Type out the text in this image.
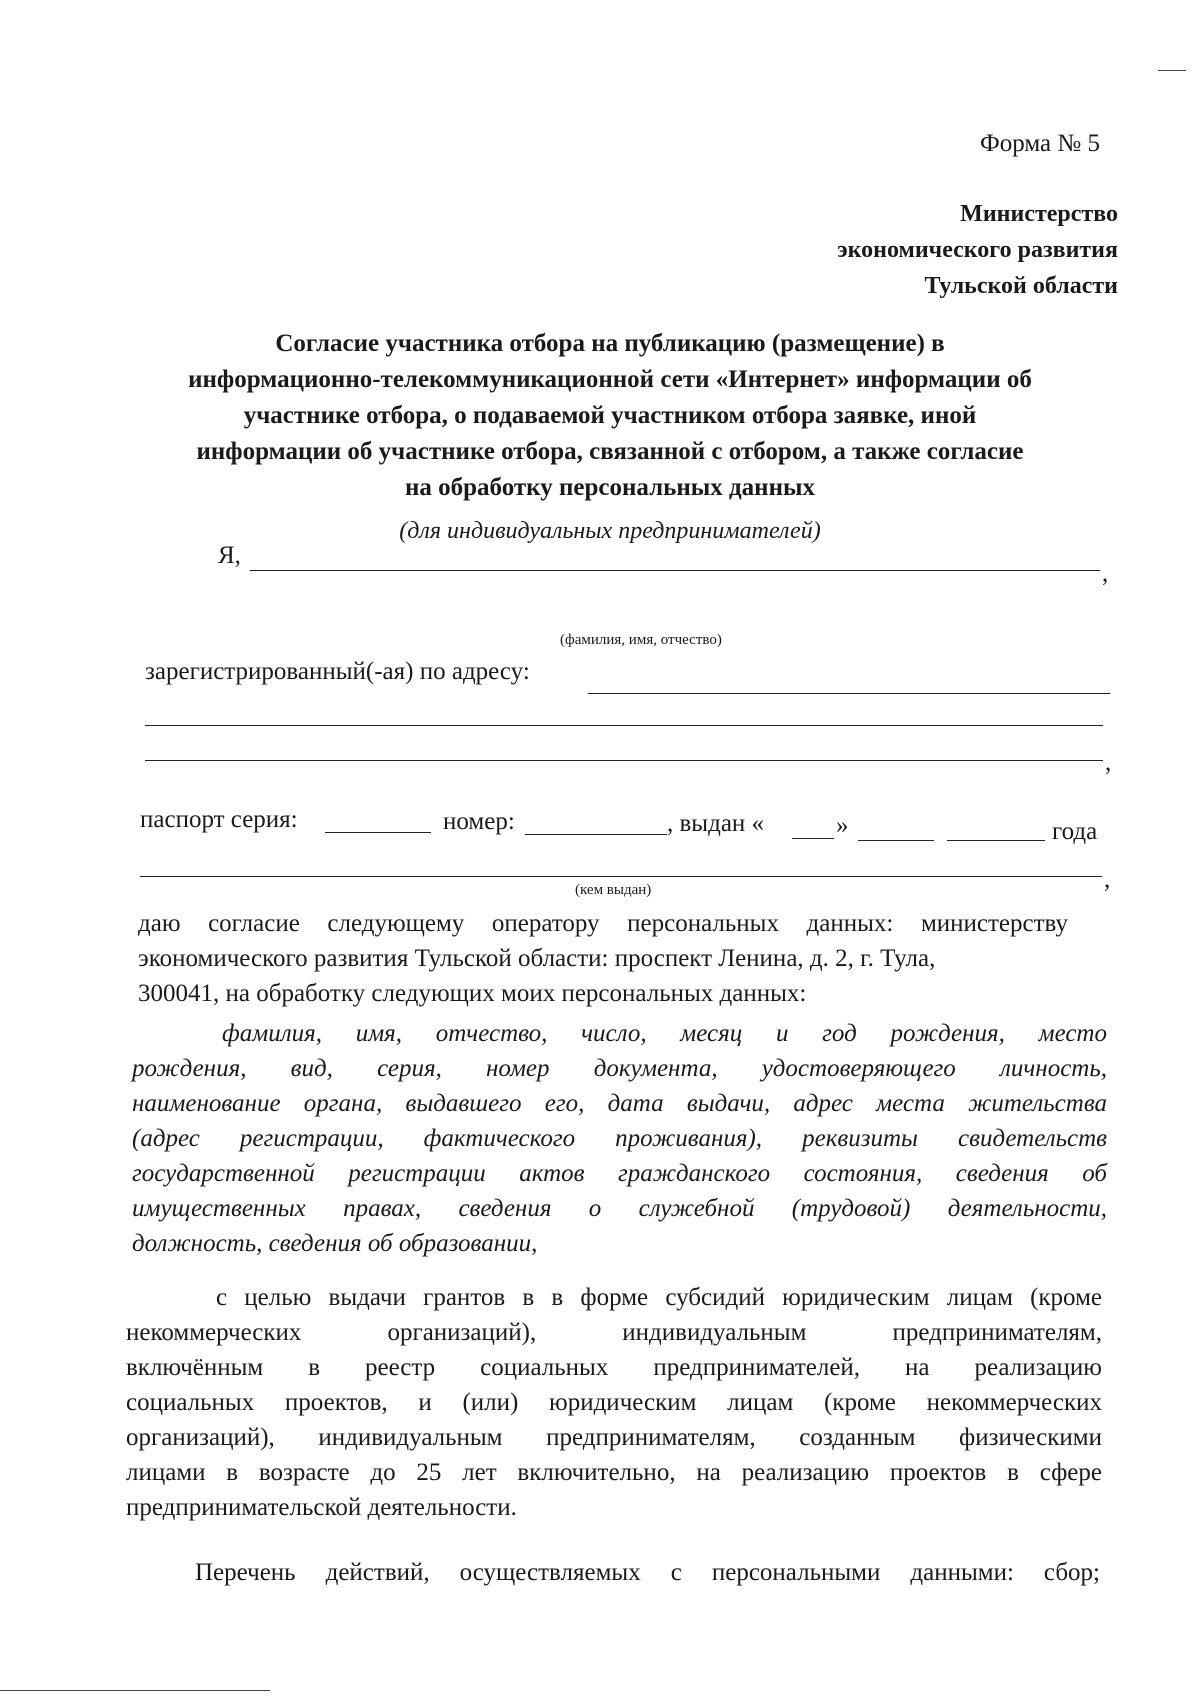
Форма № 5
Министерство
экономического развития
Тульской области
Согласие участника отбора на публикацию (размещение) в
информационно-телекоммуникационной сети «Интернет» информации об
участнике отбора, о подаваемой участником отбора заявке, иной
информации об участнике отбора, связанной с отбором, а также согласие
на обработку персональных данных
(для индивидуальных предпринимателей)
Я,
,
(фамилия, имя, отчество)
зарегистрированный(-ая) по адресу:
,
паспорт серия:	номер:	, выдан «	»	года
,
(кем выдан)
даю согласие следующему оператору персональных данных: министерству
экономического развития Тульской области: проспект Ленина, д. 2, г. Тула,
300041, на обработку следующих моих персональных данных:
фамилия, имя, отчество, число, месяц и год рождения, место
рождения, вид, серия, номер документа, удостоверяющего личность,
наименование органа, выдавшего его, дата выдачи, адрес места жительства
(адрес регистрации, фактического проживания), реквизиты свидетельств
государственной регистрации актов гражданского состояния, сведения об
имущественных правах, сведения о служебной (трудовой) деятельности,
должность, сведения об образовании,
с целью выдачи грантов в в форме субсидий юридическим лицам (кроме
некоммерческих организаций), индивидуальным предпринимателям,
включённым в реестр социальных предпринимателей, на реализацию
социальных проектов, и (или) юридическим лицам (кроме некоммерческих
организаций), индивидуальным предпринимателям, созданным физическими
лицами в возрасте до 25 лет включительно, на реализацию проектов в сфере
предпринимательской деятельности.
Перечень действий, осуществляемых с персональными данными: сбор;
